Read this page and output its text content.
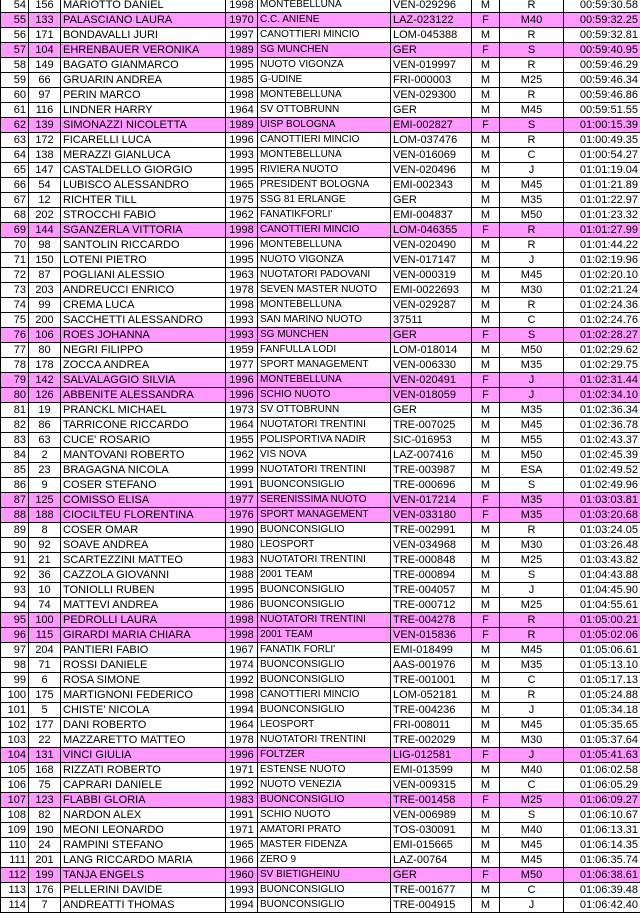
54	156	MARIOTTO DANIEL	1998	MONTEBELLUNA	VEN-029296	M	R	00:59:30.58
55	133	PALASCIANO LAURA	1970	C.C. ANIENE	LAZ-023122	F	M40	00:59:32.25
56	171	BONDAVALLI JURI	1997	CANOTTIERI MINCIO	LOM-045388	M	R	00:59:32.81
57	104	EHRENBAUER VERONIKA	1989	SG MUNCHEN	GER	F	S	00:59:40.95
58	149	BAGATO GIANMARCO	1995	NUOTO VIGONZA	VEN-019997	M	R	00:59:46.29
59	66	GRUARIN ANDREA	1985	G-UDINE	FRI-000003	M	M25	00:59:46.34
60	97	PERIN MARCO	1998	MONTEBELLUNA	VEN-029300	M	R	00:59:46.86
61	116	LINDNER HARRY	1964	SV OTTOBRUNN	GER	M	M45	00:59:51.55
62	139	SIMONAZZI NICOLETTA	1989	UISP BOLOGNA	EMI-002827	F	S	01:00:15.39
63	172	FICARELLI LUCA	1996	CANOTTIERI MINCIO	LOM-037476	M	R	01:00:49.35
64	138	MERAZZI GIANLUCA	1993	MONTEBELLUNA	VEN-016069	M	C	01:00:54.27
65	147	CASTALDELLO GIORGIO	1995	RIVIERA NUOTO	VEN-020496	M	J	01:01:19.04
66	54	LUBISCO ALESSANDRO	1965	PRESIDENT BOLOGNA	EMI-002343	M	M45	01:01:21.89
67	12	RICHTER TILL	1975	SSG 81 ERLANGE	GER	M	M35	01:01:22.97
68	202	STROCCHI FABIO	1962	FANATIKFORLI'	EMI-004837	M	M50	01:01:23.32
69	144	SGANZERLA VITTORIA	1998	CANOTTIERI MINCIO	LOM-046355	F	R	01:01:27.99
70	98	SANTOLIN RICCARDO	1996	MONTEBELLUNA	VEN-020490	M	R	01:01:44.22
71	150	LOTENI PIETRO	1995	NUOTO VIGONZA	VEN-017147	M	J	01:02:19.96
72	87	POGLIANI ALESSIO	1963	NUOTATORI PADOVANI	VEN-000319	M	M45	01:02:20.10
73	203	ANDREUCCI ENRICO	1978	SEVEN MASTER NUOTO	EMI-0022693	M	M30	01:02:21.24
74	99	CREMA LUCA	1998	MONTEBELLUNA	VEN-029287	M	R	01:02:24.36
75	200	SACCHETTI ALESSANDRO	1993	SAN MARINO NUOTO	37511	M	C	01:02:24.76
76	106	ROES JOHANNA	1993	SG MUNCHEN	GER	F	S	01:02:28.27
77	80	NEGRI FILIPPO	1959	FANFULLA LODI	LOM-018014	M	M50	01:02:29.62
78	178	ZOCCA ANDREA	1977	SPORT MANAGEMENT	VEN-006330	M	M35	01:02:29.75
79	142	SALVALAGGIO SILVIA	1996	MONTEBELLUNA	VEN-020491	F	J	01:02:31.44
80	126	ABBENITE ALESSANDRA	1996	SCHIO NUOTO	VEN-018059	F	J	01:02:34.10
81	19	PRANCKL MICHAEL	1973	SV OTTOBRUNN	GER	M	M35	01:02:36.34
82	86	TARRICONE RICCARDO	1964	NUOTATORI TRENTINI	TRE-007025	M	M45	01:02:36.78
83	63	CUCE' ROSARIO	1955	POLISPORTIVA NADIR	SIC-016953	M	M55	01:02:43.37
84	2	MANTOVANI ROBERTO	1962	VIS NOVA	LAZ-007416	M	M50	01:02:45.39
85	23	BRAGAGNA NICOLA	1999	NUOTATORI TRENTINI	TRE-003987	M	ESA	01:02:49.52
86	9	COSER STEFANO	1991	BUONCONSIGLIO	TRE-000696	M	S	01:02:49.96
87	125	COMISSO ELISA	1977	SERENISSIMA NUOTO	VEN-017214	F	M35	01:03:03.81
88	188	CIOCILTEU FLORENTINA	1976	SPORT MANAGEMENT	VEN-033180	F	M35	01:03:20.68
89	8	COSER OMAR	1990	BUONCONSIGLIO	TRE-002991	M	R	01:03:24.05
90	92	SOAVE ANDREA	1980	LEOSPORT	VEN-034968	M	M30	01:03:26.48
91	21	SCARTEZZINI MATTEO	1983	NUOTATORI TRENTINI	TRE-000848	M	M25	01:03:43.82
92	36	CAZZOLA GIOVANNI	1988	2001 TEAM	TRE-000894	M	S	01:04:43.88
93	10	TONIOLLI RUBEN	1995	BUONCONSIGLIO	TRE-004057	M	J	01:04:45.90
94	74	MATTEVI ANDREA	1986	BUONCONSIGLIO	TRE-000712	M	M25	01:04:55.61
95	100	PEDROLLI LAURA	1998	NUOTATORI TRENTINI	TRE-004278	F	R	01:05:00.21
96	115	GIRARDI MARIA CHIARA	1998	2001 TEAM	VEN-015836	F	R	01:05:02.06
97	204	PANTIERI FABIO	1967	FANATIK FORLI'	EMI-018499	M	M45	01:05:06.61
98	71	ROSSI DANIELE	1974	BUONCONSIGLIO	AAS-001976	M	M35	01:05:13.10
99	6	ROSA SIMONE	1992	BUONCONSIGLIO	TRE-001001	M	C	01:05:17.13
100	175	MARTIGNONI FEDERICO	1998	CANOTTIERI MINCIO	LOM-052181	M	R	01:05:24.88
101	5	CHISTE' NICOLA	1994	BUONCONSIGLIO	TRE-004236	M	J	01:05:34.18
102	177	DANI ROBERTO	1964	LEOSPORT	FRI-008011	M	M45	01:05:35.65
103	22	MAZZARETTO MATTEO	1978	NUOTATORI TRENTINI	TRE-002029	M	M30	01:05:37.64
104	131	VINCI GIULIA	1996	FOLTZER	LIG-012581	F	J	01:05:41.63
105	168	RIZZATI ROBERTO	1971	ESTENSE NUOTO	EMI-013599	M	M40	01:06:02.58
106	75	CAPRARI DANIELE	1992	NUOTO VENEZIA	VEN-009315	M	C	01:06:05.29
107	123	FLABBI GLORIA	1983	BUONCONSIGLIO	TRE-001458	F	M25	01:06:09.27
108	82	NARDON ALEX	1991	SCHIO NUOTO	VEN-006989	M	S	01:06:10.67
109	190	MEONI LEONARDO	1971	AMATORI PRATO	TOS-030091	M	M40	01:06:13.31
110	24	RAMPINI STEFANO	1965	MASTER FIDENZA	EMI-015665	M	M45	01:06:14.35
111	201	LANG RICCARDO MARIA	1966	ZERO 9	LAZ-00764	M	M45	01:06:35.74
112	199	TANJA ENGELS	1960	SV BIETIGHEINU	GER	F	M50	01:06:38.61
113	176	PELLERINI DAVIDE	1993	BUONCONSIGLIO	TRE-001677	M	C	01:06:39.48
114	7	ANDREATTI THOMAS	1994	BUONCONSIGLIO	TRE-004915	M	J	01:06:42.40
